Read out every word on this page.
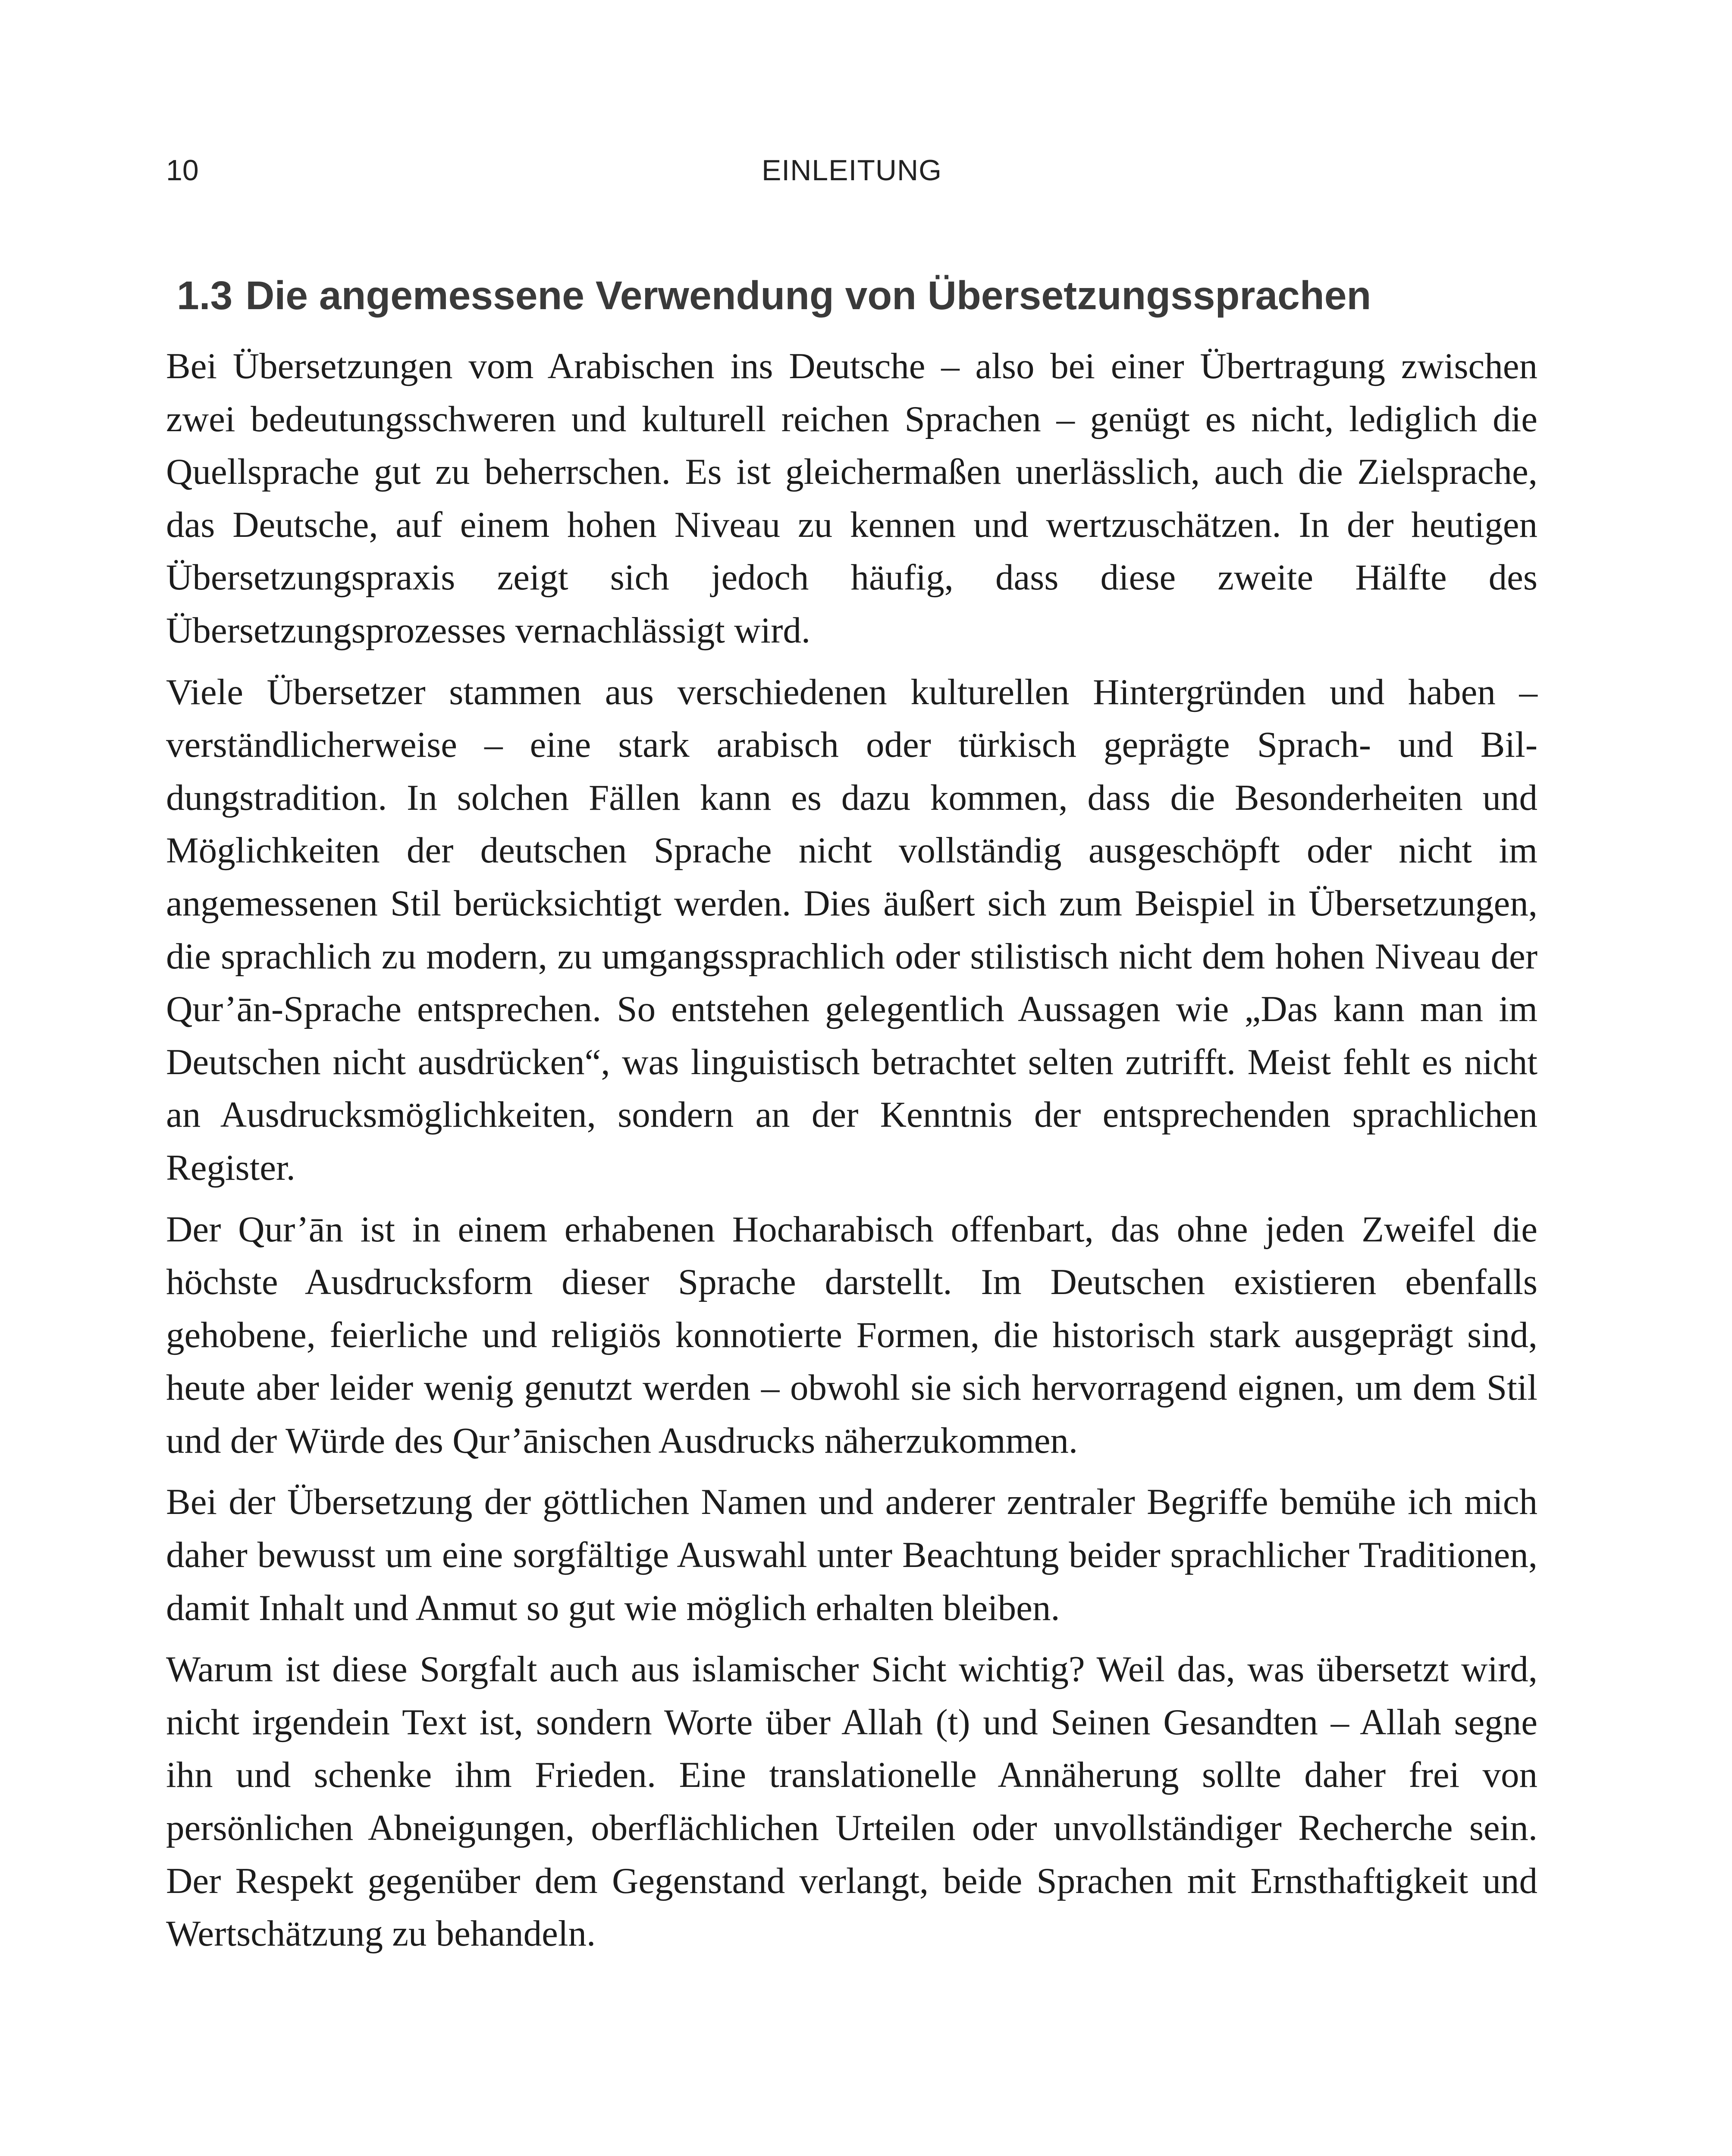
10	EINLEITUNG
1.3 Die angemessene Verwendung von Übersetzungssprachen

Bei Übersetzungen vom Arabischen ins Deutsche – also bei einer Übertragung zwischen zwei bedeutungsschweren und kulturell reichen Sprachen – genügt es nicht, lediglich die Quellsprache gut zu beherrschen. Es ist gleichermaßen unerlässlich, auch die Zielsprache, das Deutsche, auf einem hohen Niveau zu kennen und wertzuschätzen. In der heutigen Übersetzungspraxis zeigt sich jedoch häufig, dass diese zweite Hälfte des Übersetzungsprozesses vernachlässigt wird.

Viele Übersetzer stammen aus verschiedenen kulturellen Hintergründen und haben – verständlicherweise – eine stark arabisch oder türkisch geprägte Sprach- und Bildungstradition. In solchen Fällen kann es dazu kommen, dass die Besonderheiten und Möglichkeiten der deutschen Sprache nicht vollständig ausgeschöpft oder nicht im angemessenen Stil berücksichtigt werden. Dies äußert sich zum Beispiel in Übersetzungen, die sprachlich zu modern, zu umgangssprachlich oder stilistisch nicht dem hohen Niveau der Qur’ān-Sprache entsprechen. So entstehen gelegentlich Aussagen wie „Das kann man im Deutschen nicht ausdrücken“, was linguistisch betrachtet selten zutrifft. Meist fehlt es nicht an Ausdrucksmöglichkeiten, sondern an der Kenntnis der entsprechenden sprachlichen Register.

Der Qur’ān ist in einem erhabenen Hocharabisch offenbart, das ohne jeden Zweifel die höchste Ausdrucksform dieser Sprache darstellt. Im Deutschen existieren ebenfalls gehobene, feierliche und religiös konnotierte Formen, die historisch stark ausgeprägt sind, heute aber leider wenig genutzt werden – obwohl sie sich hervorragend eignen, um dem Stil und der Würde des Qur’ānischen Ausdrucks näherzukommen.

Bei der Übersetzung der göttlichen Namen und anderer zentraler Begriffe bemühe ich mich daher bewusst um eine sorgfältige Auswahl unter Beachtung beider sprachlicher Traditionen, damit Inhalt und Anmut so gut wie möglich erhalten bleiben.

Warum ist diese Sorgfalt auch aus islamischer Sicht wichtig? Weil das, was übersetzt wird, nicht irgendein Text ist, sondern Worte über Allah (t) und Seinen Gesandten – Allah segne ihn und schenke ihm Frieden. Eine translationelle Annäherung sollte daher frei von persönlichen Abneigungen, oberflächlichen Urteilen oder unvollständiger Recherche sein. Der Respekt gegenüber dem Gegenstand verlangt, beide Sprachen mit Ernsthaftigkeit und Wertschätzung zu behandeln.
